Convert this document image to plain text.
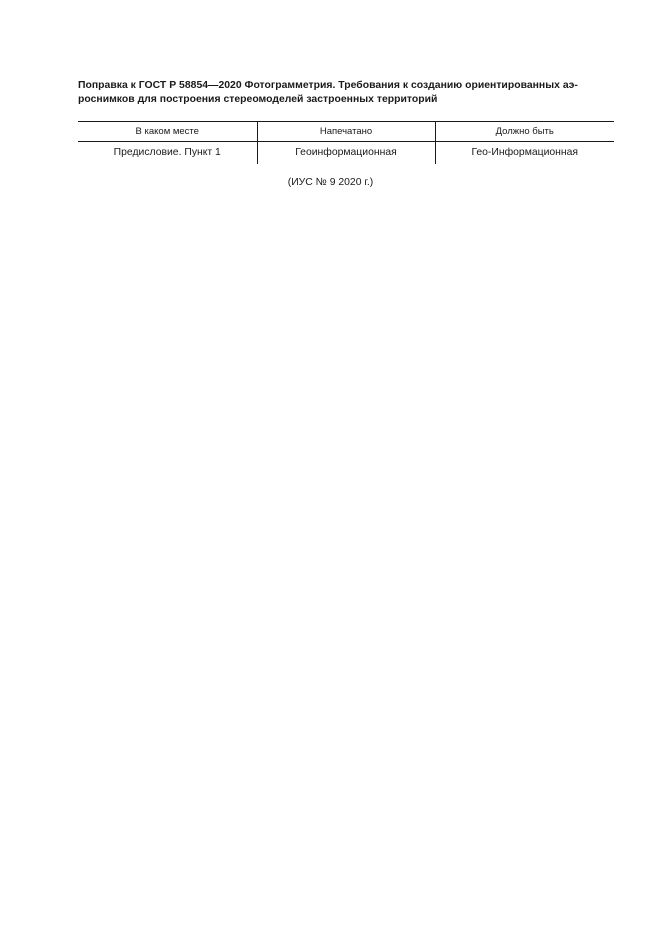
Поправка к ГОСТ Р 58854—2020 Фотограмметрия. Требования к созданию ориентированных аэ-
роснимков для построения стереомоделей застроенных территорий
В каком месте	Напечатано	Должно быть
Предисловие. Пункт 1	Геоинформационная	Гео-Информационная
(ИУС № 9 2020 г.)
